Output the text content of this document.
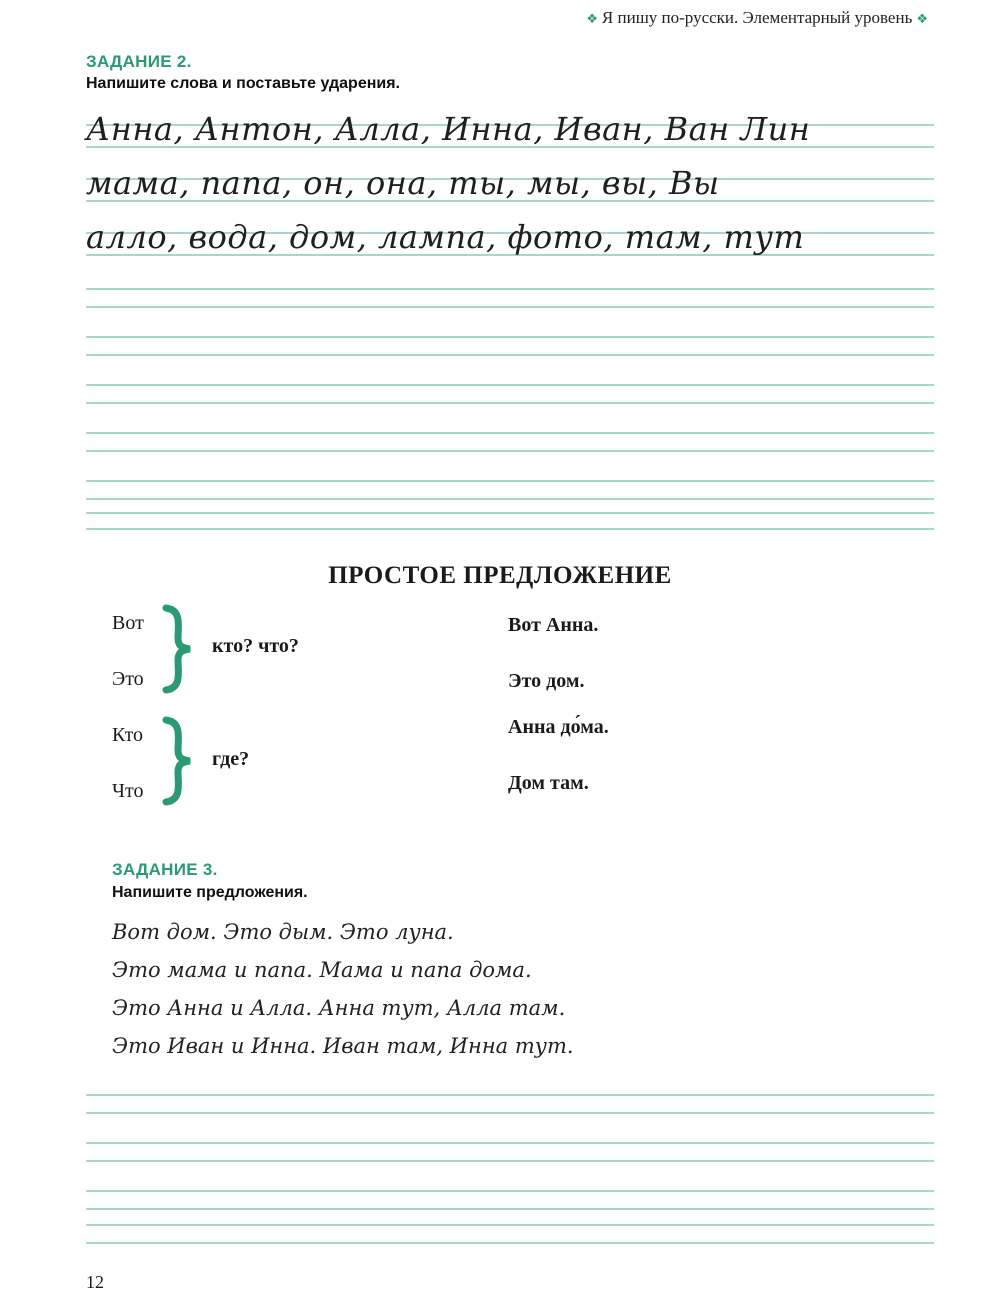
❖ Я пишу по-русски. Элементарный уровень ❖
ЗАДАНИЕ 2.
Напишите слова и поставьте ударения.
Анна, Антон, Алла, Инна, Иван, Ван Лин
мама, папа, он, она, ты, мы, вы, Вы
алло, вода, дом, лампа, фото, там, тут
ПРОСТОЕ ПРЕДЛОЖЕНИЕ
Вот
Это
кто? что?
Кто
Что
где?
Вот Анна.
Это дом.
Анна до́ма.
Дом там.
ЗАДАНИЕ 3.
Напишите предложения.
Вот дом. Это дым. Это луна.
Это мама и папа. Мама и папа дома.
Это Анна и Алла. Анна тут, Алла там.
Это Иван и Инна. Иван там, Инна тут.
12
